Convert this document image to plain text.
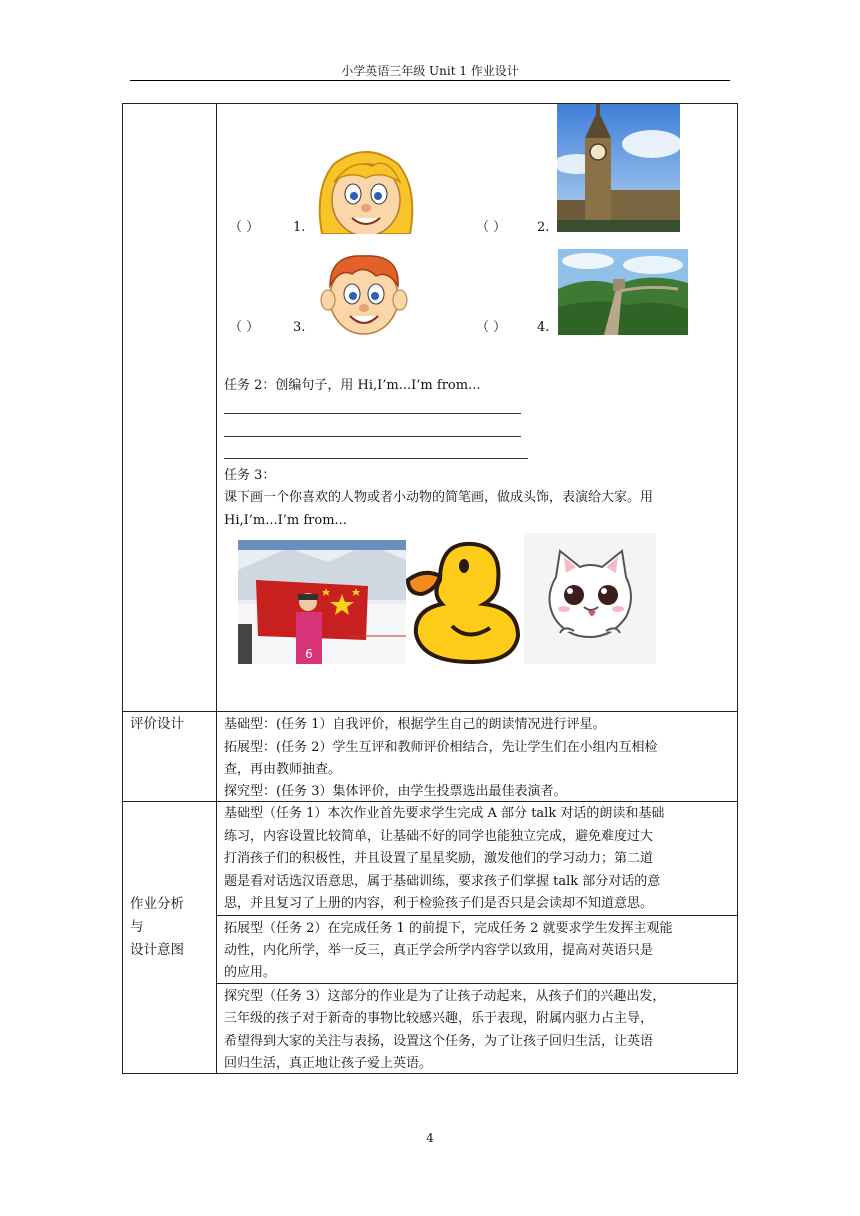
小学英语三年级 Unit 1 作业设计
（ ）	1.	（ ） 2.
（ ）	3.	（ ） 4.
任务 2：创编句子，用 Hi,I’m...I’m from...
任务 3：
课下画一个你喜欢的人物或者小动物的简笔画，做成头饰，表演给大家。用
Hi,I’m...I’m from...
6
评价设计	基础型：(任务 1）自我评价，根据学生自己的朗读情况进行评星。
拓展型：(任务 2）学生互评和教师评价相结合，先让学生们在小组内互相检
查，再由教师抽查。
探究型：(任务 3）集体评价，由学生投票选出最佳表演者。
作业分析
与
设计意图
基础型（任务 1）本次作业首先要求学生完成 A 部分 talk 对话的朗读和基础
练习，内容设置比较简单，让基础不好的同学也能独立完成，避免难度过大
打消孩子们的积极性，并且设置了星星奖励，激发他们的学习动力；第二道
题是看对话选汉语意思，属于基础训练，要求孩子们掌握 talk 部分对话的意
思，并且复习了上册的内容，利于检验孩子们是否只是会读却不知道意思。
拓展型（任务 2）在完成任务 1 的前提下，完成任务 2 就要求学生发挥主观能
动性，内化所学，举一反三，真正学会所学内容学以致用，提高对英语只是
的应用。
探究型（任务 3）这部分的作业是为了让孩子动起来，从孩子们的兴趣出发，
三年级的孩子对于新奇的事物比较感兴趣，乐于表现，附属内驱力占主导，
希望得到大家的关注与表扬，设置这个任务，为了让孩子回归生活，让英语
回归生活，真正地让孩子爱上英语。
4
